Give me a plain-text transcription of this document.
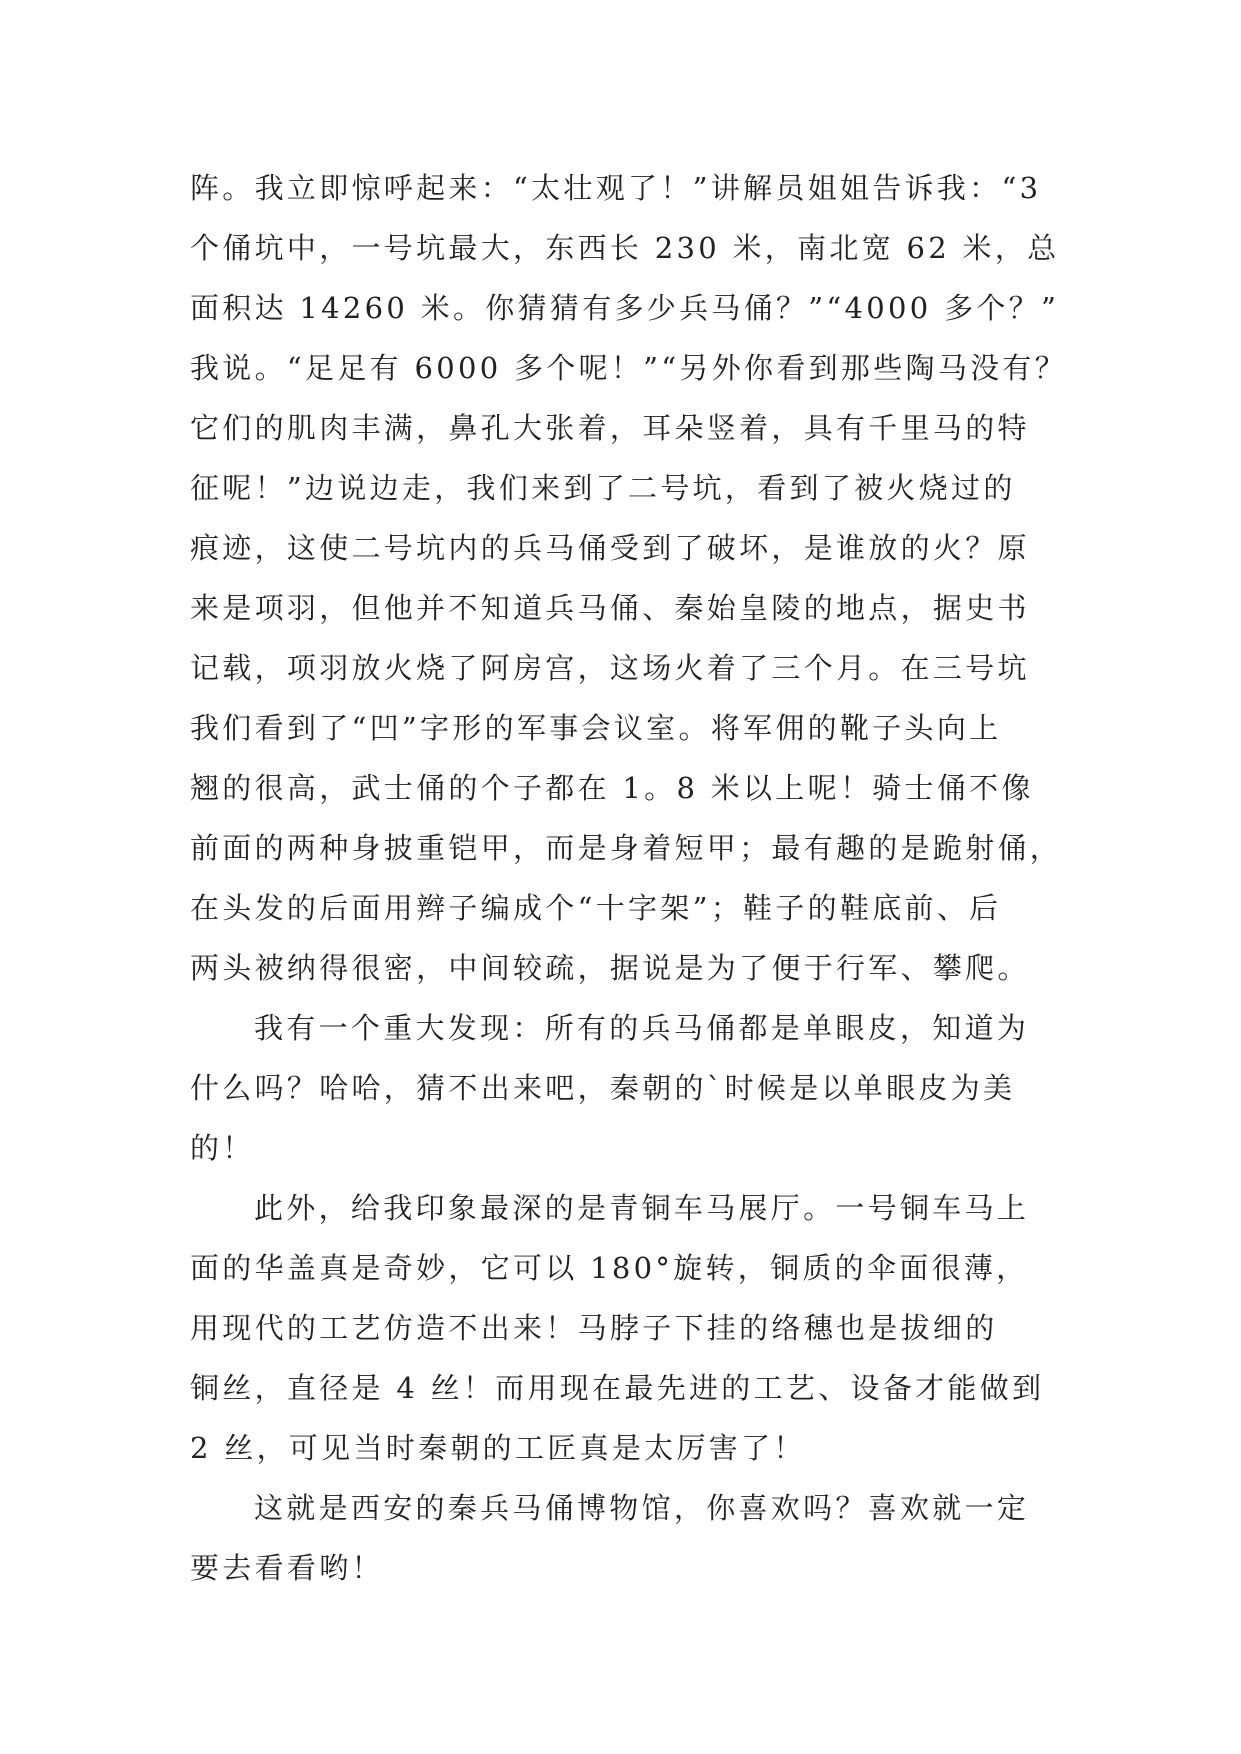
阵。我立即惊呼起来：“太壮观了！”讲解员姐姐告诉我：“3
个俑坑中，一号坑最大，东西长 230 米，南北宽 62 米，总
面积达 14260 米。你猜猜有多少兵马俑？”“4000 多个？”
我说。“足足有 6000 多个呢！”“另外你看到那些陶马没有？
它们的肌肉丰满，鼻孔大张着，耳朵竖着，具有千里马的特
征呢！”边说边走，我们来到了二号坑，看到了被火烧过的
痕迹，这使二号坑内的兵马俑受到了破坏，是谁放的火？原
来是项羽，但他并不知道兵马俑、秦始皇陵的地点，据史书
记载，项羽放火烧了阿房宫，这场火着了三个月。在三号坑
我们看到了“凹”字形的军事会议室。将军佣的靴子头向上
翘的很高，武士俑的个子都在 1。8 米以上呢！骑士俑不像
前面的两种身披重铠甲，而是身着短甲；最有趣的是跪射俑，
在头发的后面用辫子编成个“十字架”；鞋子的鞋底前、后
两头被纳得很密，中间较疏，据说是为了便于行军、攀爬。
我有一个重大发现：所有的兵马俑都是单眼皮，知道为
什么吗？哈哈，猜不出来吧，秦朝的`时候是以单眼皮为美
的！
此外，给我印象最深的是青铜车马展厅。一号铜车马上
面的华盖真是奇妙，它可以 180°旋转，铜质的伞面很薄，
用现代的工艺仿造不出来！马脖子下挂的络穗也是拔细的
铜丝，直径是 4 丝！而用现在最先进的工艺、设备才能做到
2 丝，可见当时秦朝的工匠真是太厉害了！
这就是西安的秦兵马俑博物馆，你喜欢吗？喜欢就一定
要去看看哟！
